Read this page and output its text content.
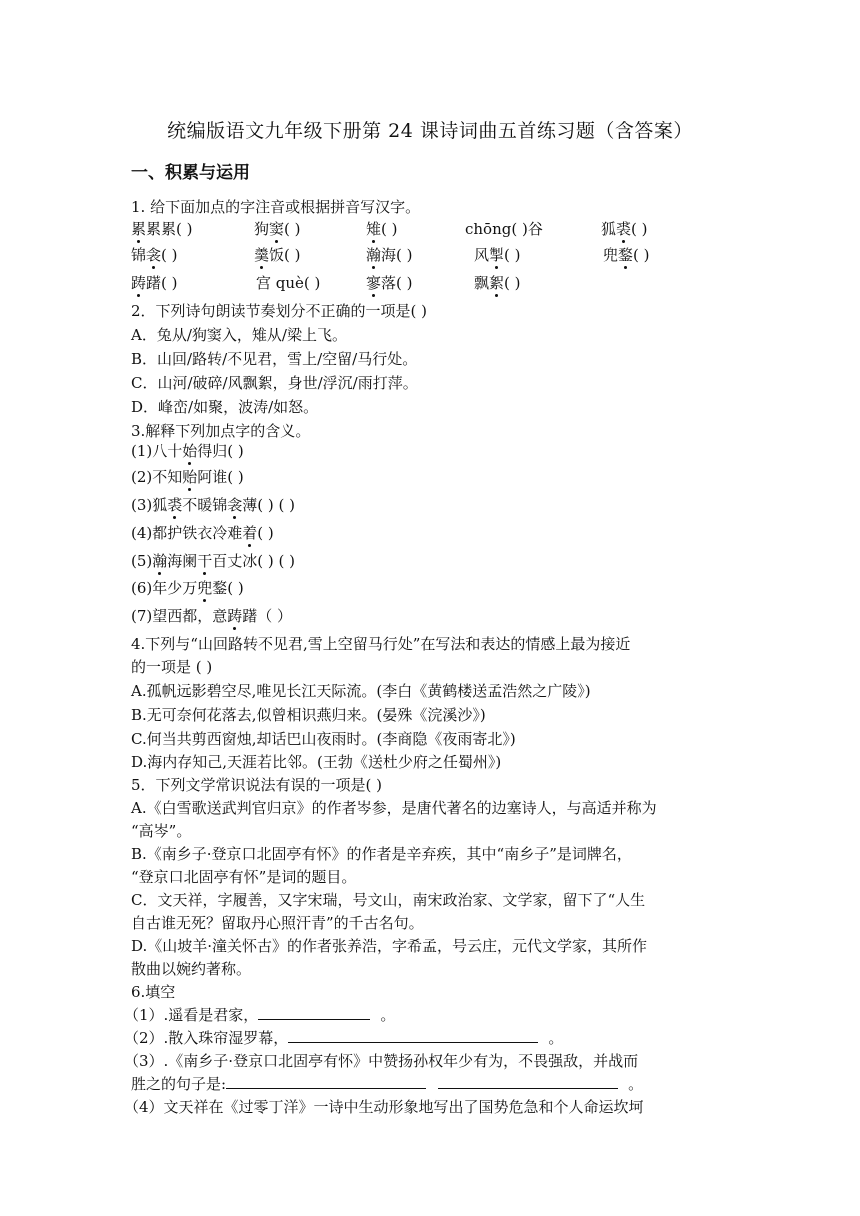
统编版语文九年级下册第 24 课诗词曲五首练习题（含答案）
一、积累与运用
1. 给下面加点的字注音或根据拼音写汉字。
累累累( )	狗窦( )	雉( )	chōng( )谷	狐裘( )
锦衾( )	羹饭( )	瀚海( )	风掣( )	兜鍪( )
踌躇( )	宫 què( )	寥落( )	飘絮( )
2．下列诗句朗读节奏划分不正确的一项是( )
A．兔从/狗窦入，雉从/梁上飞。
B．山回/路转/不见君，雪上/空留/马行处。
C．山河/破碎/风飘絮，身世/浮沉/雨打萍。
D．峰峦/如聚，波涛/如怒。
3.解释下列加点字的含义。
(1)八十始得归( )
(2)不知贻阿谁( )
(3)狐裘不暖锦衾薄( ) ( )
(4)都护铁衣冷难着( )
(5)瀚海阑干百丈冰( ) ( )
(6)年少万兜鍪( )
(7)望西都，意踌躇（ ）
4.下列与“山回路转不见君,雪上空留马行处”在写法和表达的情感上最为接近
的一项是 ( )
A.孤帆远影碧空尽,唯见长江天际流。(李白《黄鹤楼送孟浩然之广陵》)
B.无可奈何花落去,似曾相识燕归来。(晏殊《浣溪沙》)
C.何当共剪西窗烛,却话巴山夜雨时。(李商隐《夜雨寄北》)
D.海内存知己,天涯若比邻。(王勃《送杜少府之任蜀州》)
5．下列文学常识说法有误的一项是( )
A.《白雪歌送武判官归京》的作者岑参，是唐代著名的边塞诗人，与高适并称为
“高岑”。
B.《南乡子·登京口北固亭有怀》的作者是辛弃疾，其中“南乡子”是词牌名，
“登京口北固亭有怀”是词的题目。
C．文天祥，字履善，又字宋瑞，号文山，南宋政治家、文学家，留下了“人生
自古谁无死？留取丹心照汗青”的千古名句。
D.《山坡羊·潼关怀古》的作者张养浩，字希孟，号云庄，元代文学家，其所作
散曲以婉约著称。
6.填空
（1）.遥看是君家，	。
（2）.散入珠帘湿罗幕，	。
（3）.《南乡子·登京口北固亭有怀》中赞扬孙权年少有为，不畏强敌，并战而
胜之的句子是:	。
（4）文天祥在《过零丁洋》一诗中生动形象地写出了国势危急和个人命运坎坷
